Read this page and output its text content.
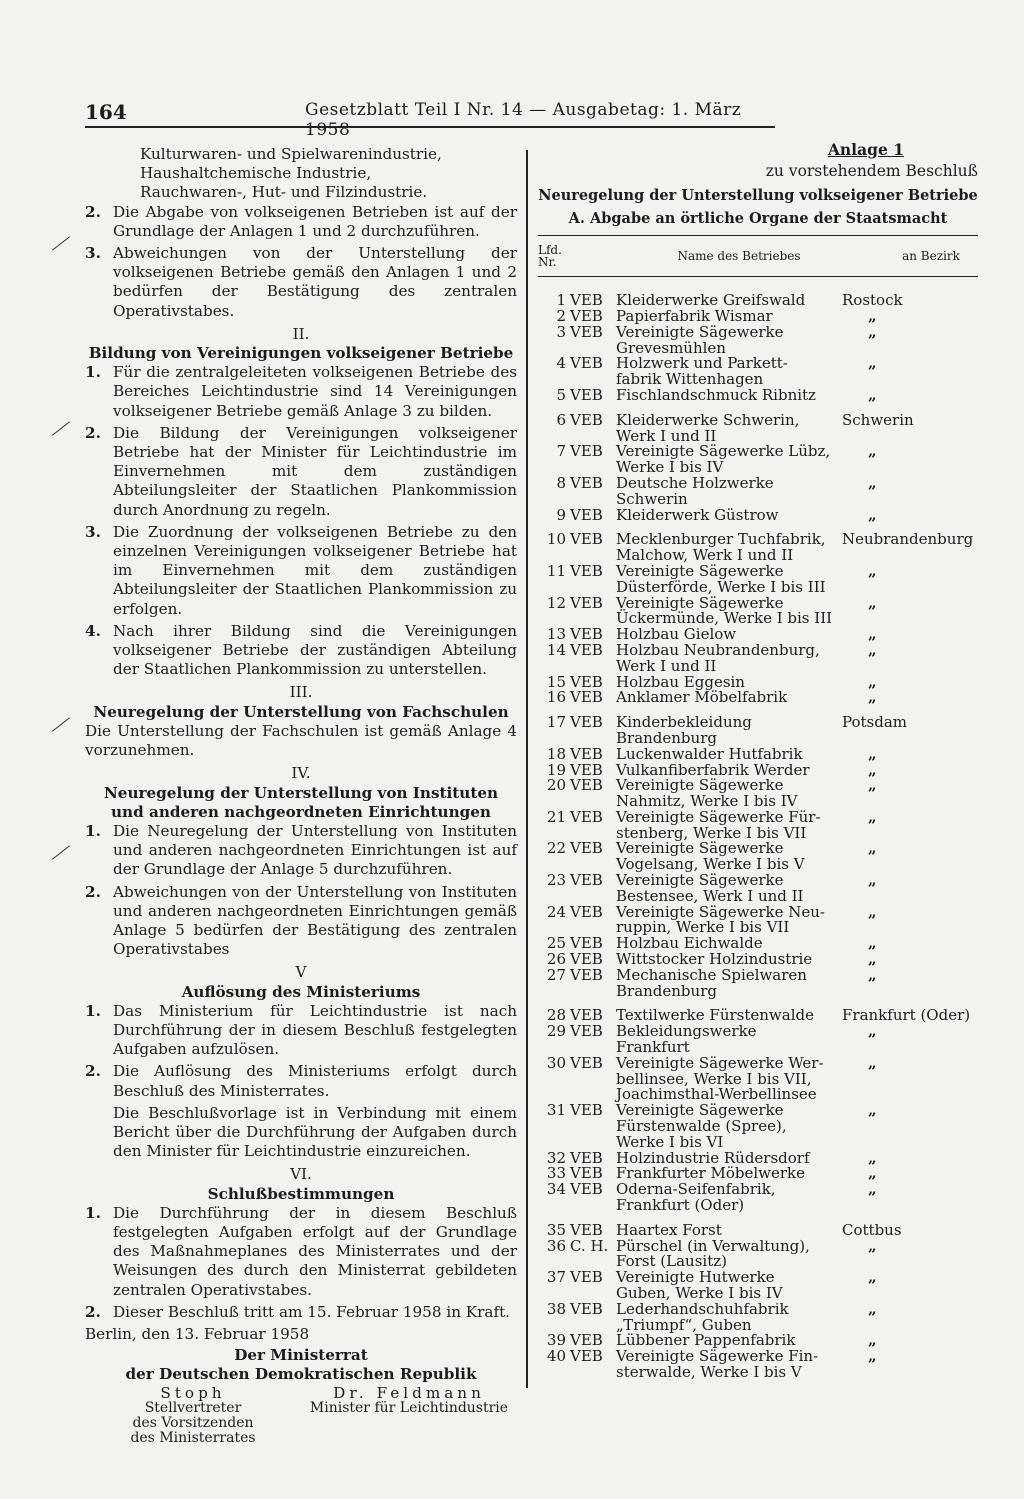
164	Gesetzblatt Teil I Nr. 14 — Ausgabetag: 1. März 1958
Kulturwaren- und Spielwarenindustrie,
Haushaltchemische Industrie,
Rauchwaren-, Hut- und Filzindustrie.
2. Die Abgabe von volkseigenen Betrieben ist auf der Grundlage der Anlagen 1 und 2 durchzuführen.
3. Abweichungen von der Unterstellung der volkseigenen Betriebe gemäß den Anlagen 1 und 2 bedürfen der Bestätigung des zentralen Operativstabes.
II.
Bildung von Vereinigungen volkseigener Betriebe
1. Für die zentralgeleiteten volkseigenen Betriebe des Bereiches Leichtindustrie sind 14 Vereinigungen volkseigener Betriebe gemäß Anlage 3 zu bilden.
2. Die Bildung der Vereinigungen volkseigener Betriebe hat der Minister für Leichtindustrie im Einvernehmen mit dem zuständigen Abteilungsleiter der Staatlichen Plankommission durch Anordnung zu regeln.
3. Die Zuordnung der volkseigenen Betriebe zu den einzelnen Vereinigungen volkseigener Betriebe hat im Einvernehmen mit dem zuständigen Abteilungsleiter der Staatlichen Plankommission zu erfolgen.
4. Nach ihrer Bildung sind die Vereinigungen volkseigener Betriebe der zuständigen Abteilung der Staatlichen Plankommission zu unterstellen.
III.
Neuregelung der Unterstellung von Fachschulen
Die Unterstellung der Fachschulen ist gemäß Anlage 4 vorzunehmen.
IV.
Neuregelung der Unterstellung von Instituten
und anderen nachgeordneten Einrichtungen
1. Die Neuregelung der Unterstellung von Instituten und anderen nachgeordneten Einrichtungen ist auf der Grundlage der Anlage 5 durchzuführen.
2. Abweichungen von der Unterstellung von Instituten und anderen nachgeordneten Einrichtungen gemäß Anlage 5 bedürfen der Bestätigung des zentralen Operativstabes
V
Auflösung des Ministeriums
1. Das Ministerium für Leichtindustrie ist nach Durchführung der in diesem Beschluß festgelegten Aufgaben aufzulösen.
2. Die Auflösung des Ministeriums erfolgt durch Beschluß des Ministerrates.
Die Beschlußvorlage ist in Verbindung mit einem Bericht über die Durchführung der Aufgaben durch den Minister für Leichtindustrie einzureichen.
VI.
Schlußbestimmungen
1. Die Durchführung der in diesem Beschluß festgelegten Aufgaben erfolgt auf der Grundlage des Maßnahmeplanes des Ministerrates und der Weisungen des durch den Ministerrat gebildeten zentralen Operativstabes.
2. Dieser Beschluß tritt am 15. Februar 1958 in Kraft.
Berlin, den 13. Februar 1958
Der Ministerrat
der Deutschen Demokratischen Republik
Stoph
Stellvertreter
des Vorsitzenden
des Ministerrates
Dr. Feldmann
Minister für Leichtindustrie
Anlage 1
zu vorstehendem Beschluß
Neuregelung der Unterstellung volkseigener Betriebe
A. Abgabe an örtliche Organe der Staatsmacht
Lfd.
Nr.	Name des Betriebes	an Bezirk
1 VEB Kleiderwerke Greifswald	Rostock
2 VEB Papierfabrik Wismar	„
3 VEB Vereinigte Sägewerke	„
Grevesmühlen
4 VEB Holzwerk und Parkett-	„
fabrik Wittenhagen
5 VEB Fischlandschmuck Ribnitz	„
6 VEB Kleiderwerke Schwerin,	Schwerin
Werk I und II
7 VEB Vereinigte Sägewerke Lübz,	„
Werke I bis IV
8 VEB Deutsche Holzwerke	„
Schwerin
9 VEB Kleiderwerk Güstrow	„
10 VEB Mecklenburger Tuchfabrik,	Neubrandenburg
Malchow, Werk I und II
11 VEB Vereinigte Sägewerke	„
Düsterförde, Werke I bis III
12 VEB Vereinigte Sägewerke	„
Ückermünde, Werke I bis III
13 VEB Holzbau Gielow	„
14 VEB Holzbau Neubrandenburg,	„
Werk I und II
15 VEB Holzbau Eggesin	„
16 VEB Anklamer Möbelfabrik	„
17 VEB Kinderbekleidung	Potsdam
Brandenburg
18 VEB Luckenwalder Hutfabrik	„
19 VEB Vulkanfiberfabrik Werder	„
20 VEB Vereinigte Sägewerke	„
Nahmitz, Werke I bis IV
21 VEB Vereinigte Sägewerke Für-	„
stenberg, Werke I bis VII
22 VEB Vereinigte Sägewerke	„
Vogelsang, Werke I bis V
23 VEB Vereinigte Sägewerke	„
Bestensee, Werk I und II
24 VEB Vereinigte Sägewerke Neu-	„
ruppin, Werke I bis VII
25 VEB Holzbau Eichwalde	„
26 VEB Wittstocker Holzindustrie	„
27 VEB Mechanische Spielwaren	„
Brandenburg
28 VEB Textilwerke Fürstenwalde	Frankfurt (Oder)
29 VEB Bekleidungswerke	„
Frankfurt
30 VEB Vereinigte Sägewerke Wer-	„
bellinsee, Werke I bis VII,
Joachimsthal-Werbellinsee
31 VEB Vereinigte Sägewerke	„
Fürstenwalde (Spree),
Werke I bis VI
32 VEB Holzindustrie Rüdersdorf	„
33 VEB Frankfurter Möbelwerke	„
34 VEB Oderna-Seifenfabrik,	„
Frankfurt (Oder)
35 VEB Haartex Forst	Cottbus
36 C. H. Pürschel (in Verwaltung),	„
Forst (Lausitz)
37 VEB Vereinigte Hutwerke	„
Guben, Werke I bis IV
38 VEB Lederhandschuhfabrik	„
„Triumpf“, Guben
39 VEB Lübbener Pappenfabrik	„
40 VEB Vereinigte Sägewerke Fin-	„
sterwalde, Werke I bis V
